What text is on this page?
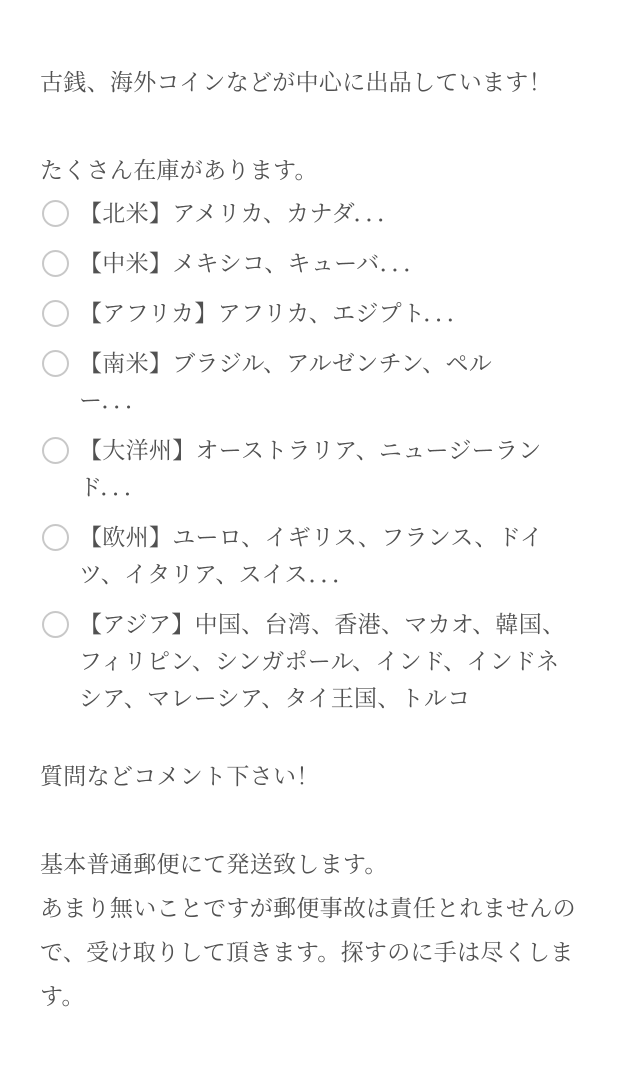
古銭、海外コインなどが中心に出品しています！

たくさん在庫があります。

【北米】アメリカ、カナダ．．．
【中米】メキシコ、キューバ．．．
【アフリカ】アフリカ、エジプト．．．
【南米】ブラジル、アルゼンチン、ペル
ー．．．
【大洋州】オーストラリア、ニュージーラン
ド．．．
【欧州】ユーロ、イギリス、フランス、ドイ
ツ、イタリア、スイス．．．
【アジア】中国、台湾、香港、マカオ、韓国、
フィリピン、シンガポール、インド、インドネ
シア、マレーシア、タイ王国、トルコ

質問などコメント下さい！

基本普通郵便にて発送致します。
あまり無いことですが郵便事故は責任とれませんの
で、受け取りして頂きます。探すのに手は尽くしま
す。
